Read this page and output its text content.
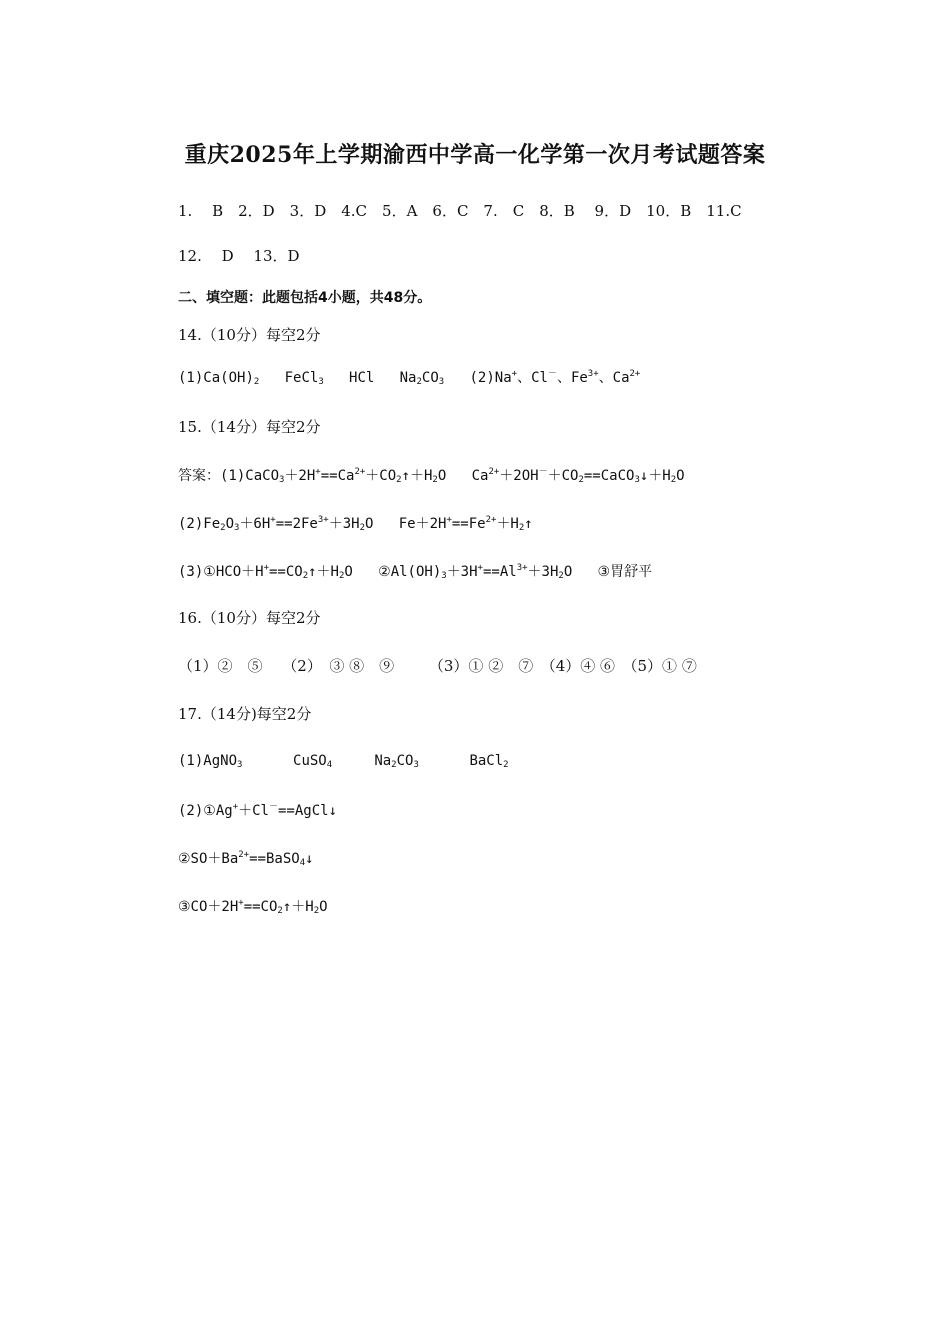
重庆2025年上学期渝西中学高一化学第一次月考试题答案
1.　 B　2．D　3．D　4.C　5．A　6．C　7.　C　8．B　 9．D　10．B　11.C
12.　 D　 13．D
二、填空题：此题包括4小题，共48分。
14.（10分）每空2分
$(1)Ca(OH)_2$ FeCl$_3$ HCl $Na_2CO_3$ (2)Na+、Cl－、$Fe^{3+}$、$Ca^{2+}$
15.（14分）每空2分
答案：$(1)CaCO_3+2H^+==Ca^{2+}+CO_2↑+H_2O$ $Ca^{2+}+2OH^-+CO_2==CaCO_3↓+H_2O$
$(2)Fe_2O_3+6H^+==2Fe^{3+}+3H_2O$ $Fe+2H^+==Fe^{2+}+H_2↑$
$(3)①HCO+H^+==CO_2↑+H_2O$ $②Al(OH)_3+3H^+==Al^{3+}+3H_2O$ ③胃舒平
16.（10分）每空2分
（1）②　⑤　 （2）　③ ⑧　⑨　　 （3）① ②　⑦　（4）④ ⑥　（5）① ⑦
17.（14分)每空2分
(1)AgNO$_3$	CuSO$_4$	$Na_2CO_3$	BaCl$_2$
(2)①Ag+＋Cl－==AgCl↓
$②SO+Ba^{2+}==BaSO_4↓$
$③CO+2H^+==CO_2↑+H_2O$
